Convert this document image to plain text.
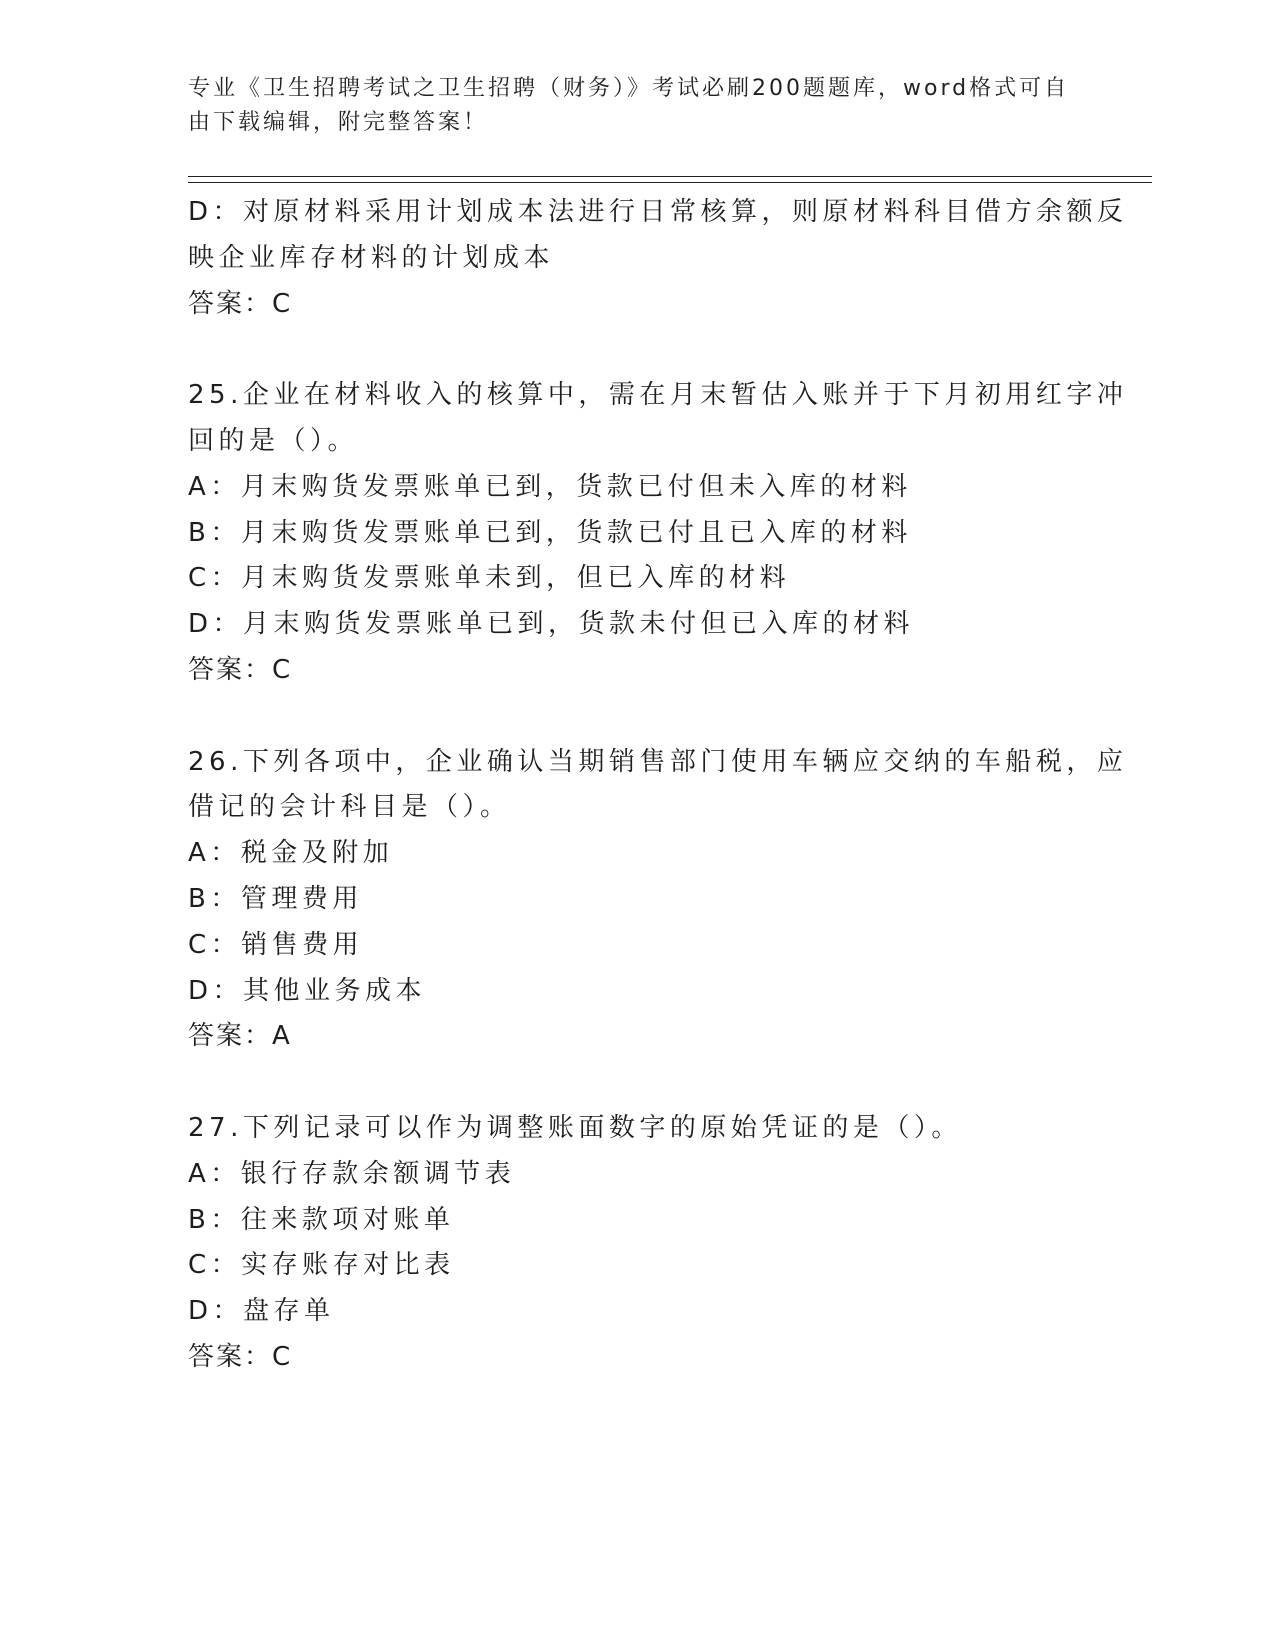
专业《卫生招聘考试之卫生招聘（财务）》考试必刷200题题库，word格式可自
由下载编辑，附完整答案！
D：对原材料采用计划成本法进行日常核算，则原材料科目借方余额反
映企业库存材料的计划成本
答案：C
25.企业在材料收入的核算中，需在月末暂估入账并于下月初用红字冲
回的是（）。
A：月末购货发票账单已到，货款已付但未入库的材料
B：月末购货发票账单已到，货款已付且已入库的材料
C：月末购货发票账单未到，但已入库的材料
D：月末购货发票账单已到，货款未付但已入库的材料
答案：C
26.下列各项中，企业确认当期销售部门使用车辆应交纳的车船税，应
借记的会计科目是（）。
A：税金及附加
B：管理费用
C：销售费用
D：其他业务成本
答案：A
27.下列记录可以作为调整账面数字的原始凭证的是（）。
A：银行存款余额调节表
B：往来款项对账单
C：实存账存对比表
D：盘存单
答案：C
